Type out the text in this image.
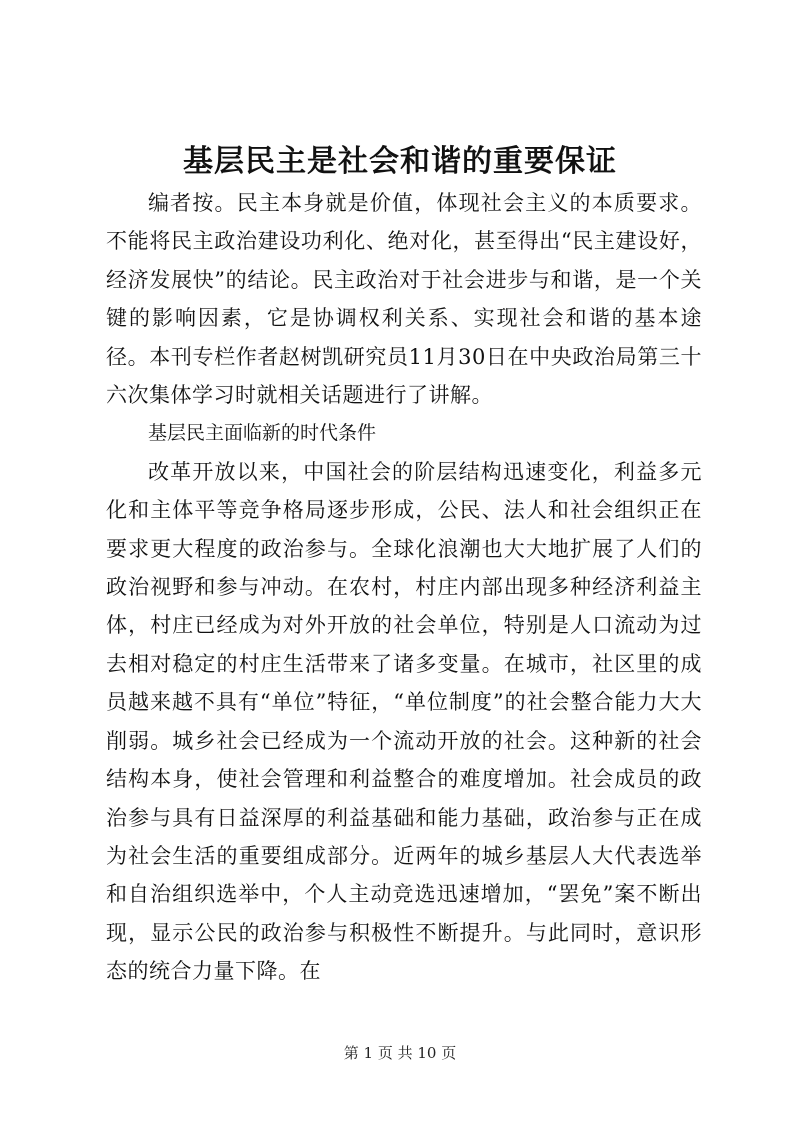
基层民主是社会和谐的重要保证

编者按。民主本身就是价值，体现社会主义的本质要求。不能将民主政治建设功利化、绝对化，甚至得出“民主建设好，经济发展快”的结论。民主政治对于社会进步与和谐，是一个关键的影响因素，它是协调权利关系、实现社会和谐的基本途径。本刊专栏作者赵树凯研究员11月30日在中央政治局第三十六次集体学习时就相关话题进行了讲解。

基层民主面临新的时代条件

改革开放以来，中国社会的阶层结构迅速变化，利益多元化和主体平等竞争格局逐步形成，公民、法人和社会组织正在要求更大程度的政治参与。全球化浪潮也大大地扩展了人们的政治视野和参与冲动。在农村，村庄内部出现多种经济利益主体，村庄已经成为对外开放的社会单位，特别是人口流动为过去相对稳定的村庄生活带来了诸多变量。在城市，社区里的成员越来越不具有“单位”特征，“单位制度”的社会整合能力大大削弱。城乡社会已经成为一个流动开放的社会。这种新的社会结构本身，使社会管理和利益整合的难度增加。社会成员的政治参与具有日益深厚的利益基础和能力基础，政治参与正在成为社会生活的重要组成部分。近两年的城乡基层人大代表选举和自治组织选举中，个人主动竞选迅速增加，“罢免”案不断出现，显示公民的政治参与积极性不断提升。与此同时，意识形态的统合力量下降。在

第 1 页 共 10 页
